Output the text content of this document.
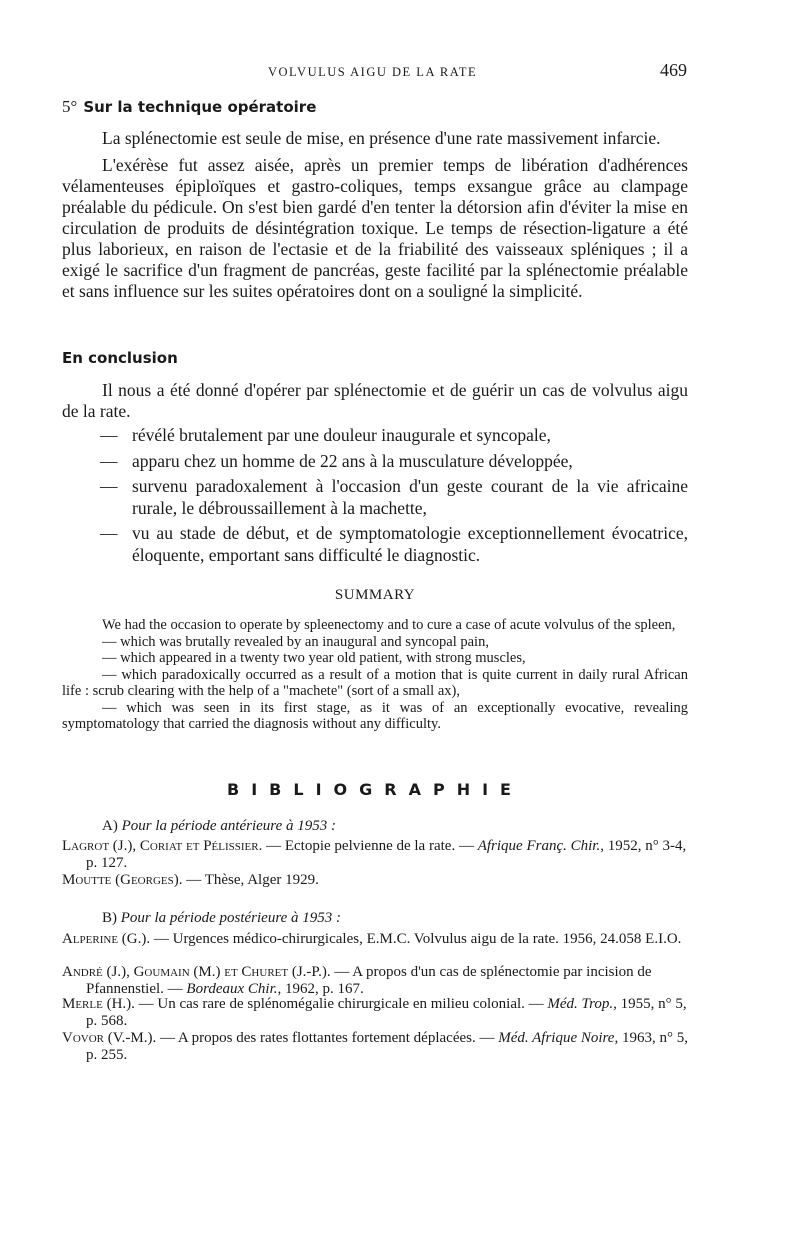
VOLVULUS AIGU DE LA RATE	469
5° Sur la technique opératoire

La splénectomie est seule de mise, en présence d'une rate massivement infarcie.

L'exérèse fut assez aisée, après un premier temps de libération d'adhérences vélamenteuses épiploïques et gastro-coliques, temps exsangue grâce au clampage préalable du pédicule. On s'est bien gardé d'en tenter la détorsion afin d'éviter la mise en circulation de produits de désintégration toxique. Le temps de résection-ligature a été plus laborieux, en raison de l'ectasie et de la friabilité des vaisseaux spléniques ; il a exigé le sacrifice d'un fragment de pancréas, geste facilité par la splénectomie préalable et sans influence sur les suites opératoires dont on a souligné la simplicité.

En conclusion

Il nous a été donné d'opérer par splénectomie et de guérir un cas de volvulus aigu de la rate.

— révélé brutalement par une douleur inaugurale et syncopale,
— apparu chez un homme de 22 ans à la musculature développée,
— survenu paradoxalement à l'occasion d'un geste courant de la vie africaine rurale, le débroussaillement à la machette,
— vu au stade de début, et de symptomatologie exceptionnellement évocatrice, éloquente, emportant sans difficulté le diagnostic.
SUMMARY

We had the occasion to operate by spleenectomy and to cure a case of acute volvulus of the spleen,

— which was brutally revealed by an inaugural and syncopal pain,

— which appeared in a twenty two year old patient, with strong muscles,

— which paradoxically occurred as a result of a motion that is quite current in daily rural African life : scrub clearing with the help of a "machete" (sort of a small ax),

— which was seen in its first stage, as it was of an exceptionally evocative, revealing symptomatology that carried the diagnosis without any difficulty.

BIBLIOGRAPHIE
A) Pour la période antérieure à 1953 :
Lagrot (J.), Coriat et Pélissier. — Ectopie pelvienne de la rate. — Afrique Franç. Chir., 1952, n° 3-4, p. 127.
Moutte (Georges). — Thèse, Alger 1929.
B) Pour la période postérieure à 1953 :
Alperine (G.). — Urgences médico-chirurgicales, E.M.C. Volvulus aigu de la rate. 1956, 24.058 E.I.O.
André (J.), Goumain (M.) et Churet (J.-P.). — A propos d'un cas de splénectomie par incision de Pfannenstiel. — Bordeaux Chir., 1962, p. 167.
Merle (H.). — Un cas rare de splénomégalie chirurgicale en milieu colonial. — Méd. Trop., 1955, n° 5, p. 568.
Vovor (V.-M.). — A propos des rates flottantes fortement déplacées. — Méd. Afrique Noire, 1963, n° 5, p. 255.
